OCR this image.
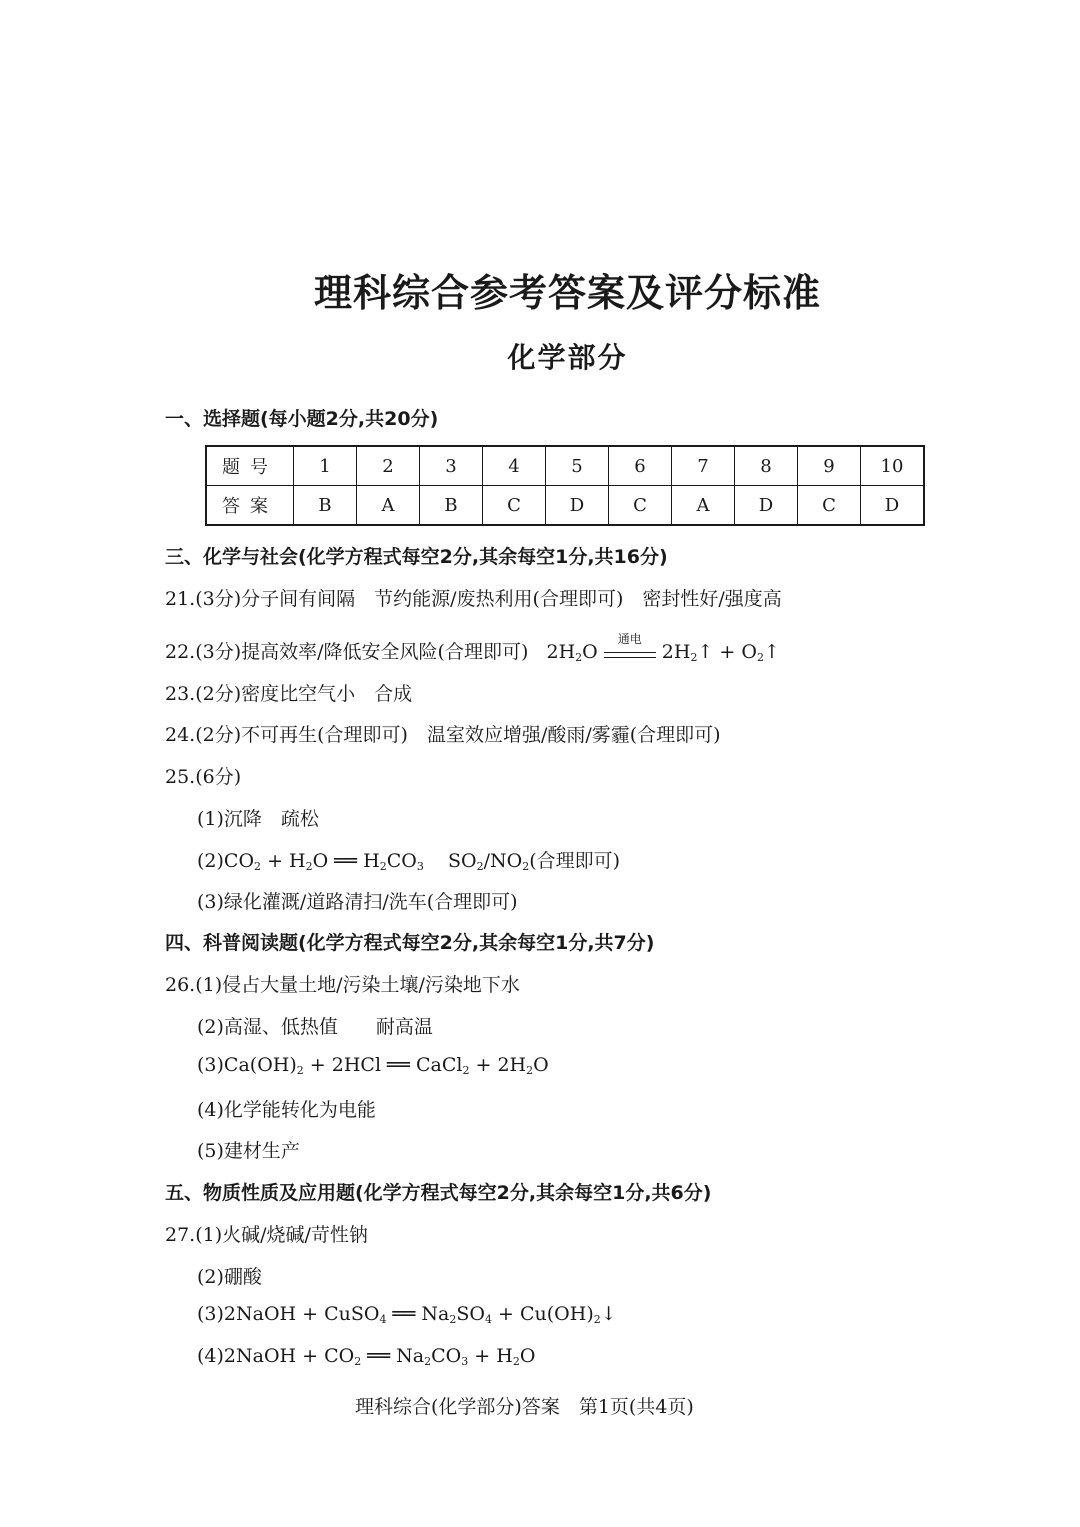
理科综合参考答案及评分标准
化学部分
一、选择题(每小题2分,共20分)
题号	1	2	3	4	5	6	7	8	9	10
答案	B	A	B	C	D	C	A	D	C	D
三、化学与社会(化学方程式每空2分,其余每空1分,共16分)
21.(3分)分子间有间隔　节约能源/废热利用(合理即可)　密封性好/强度高
22.(3分)提高效率/降低安全风险(合理即可)   $2H_2O$
通电
$2H_2↑$ + $O_2↑$
23.(2分)密度比空气小　合成
24.(2分)不可再生(合理即可)　温室效应增强/酸雨/雾霾(合理即可)
25.(6分)
(1)沉降　疏松
$(2)CO_2 + H_2O$ ══ $H_2CO_3$    $SO_2/NO_2$(合理即可)
(3)绿化灌溉/道路清扫/洗车(合理即可)
四、科普阅读题(化学方程式每空2分,其余每空1分,共7分)
26.(1)侵占大量土地/污染土壤/污染地下水
(2)高湿、低热值　　耐高温
$(3)Ca(OH)_2 + 2HCl$ ══ CaCl$_2$ + $2H_2O$
(4)化学能转化为电能
(5)建材生产
五、物质性质及应用题(化学方程式每空2分,其余每空1分,共6分)
27.(1)火碱/烧碱/苛性钠
(2)硼酸
(3)2NaOH + CuSO$_4$ ══ $Na_2SO_4$ + $Cu(OH)_2↓$
(4)2NaOH + $CO_2$ ══ $Na_2CO_3 + H_2O$
理科综合(化学部分)答案　第1页(共4页)
